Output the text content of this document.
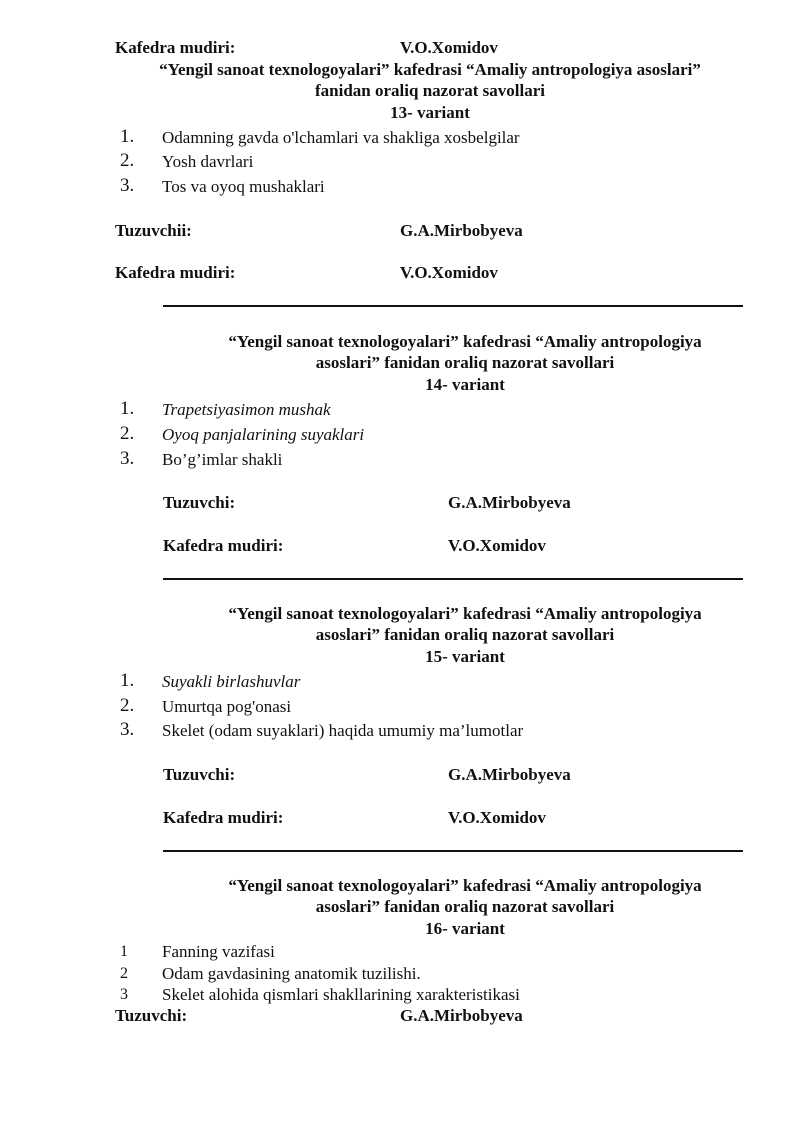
Kafedra mudiri:	V.O.Xomidov
“Yengil sanoat texnologoyalari” kafedrasi “Amaliy antropologiya asoslari”
fanidan oraliq nazorat savollari
13- variant
1. Odamning gavda o'lchamlari va shakliga xosbelgilar
2. Yosh davrlari
3. Tos va oyoq mushaklari
Tuzuvchii:	G.A.Mirbobyeva
Kafedra mudiri:	V.O.Xomidov
“Yengil sanoat texnologoyalari” kafedrasi “Amaliy antropologiya
asoslari” fanidan oraliq nazorat savollari
14- variant
1. Trapetsiyasimon mushak
2. Oyoq panjalarining suyaklari
3. Bo’g’imlar shakli
Tuzuvchi:	G.A.Mirbobyeva
Kafedra mudiri:	V.O.Xomidov
“Yengil sanoat texnologoyalari” kafedrasi “Amaliy antropologiya
asoslari” fanidan oraliq nazorat savollari
15- variant
1. Suyakli birlashuvlar
2. Umurtqa pog'onasi
3. Skelet (odam suyaklari) haqida umumiy ma’lumotlar
Tuzuvchi:	G.A.Mirbobyeva
Kafedra mudiri:	V.O.Xomidov
“Yengil sanoat texnologoyalari” kafedrasi “Amaliy antropologiya
asoslari” fanidan oraliq nazorat savollari
16- variant
1 Fanning vazifasi
2 Odam gavdasining anatomik tuzilishi.
3 Skelet alohida qismlari shakllarining xarakteristikasi
Tuzuvchi:	G.A.Mirbobyeva
